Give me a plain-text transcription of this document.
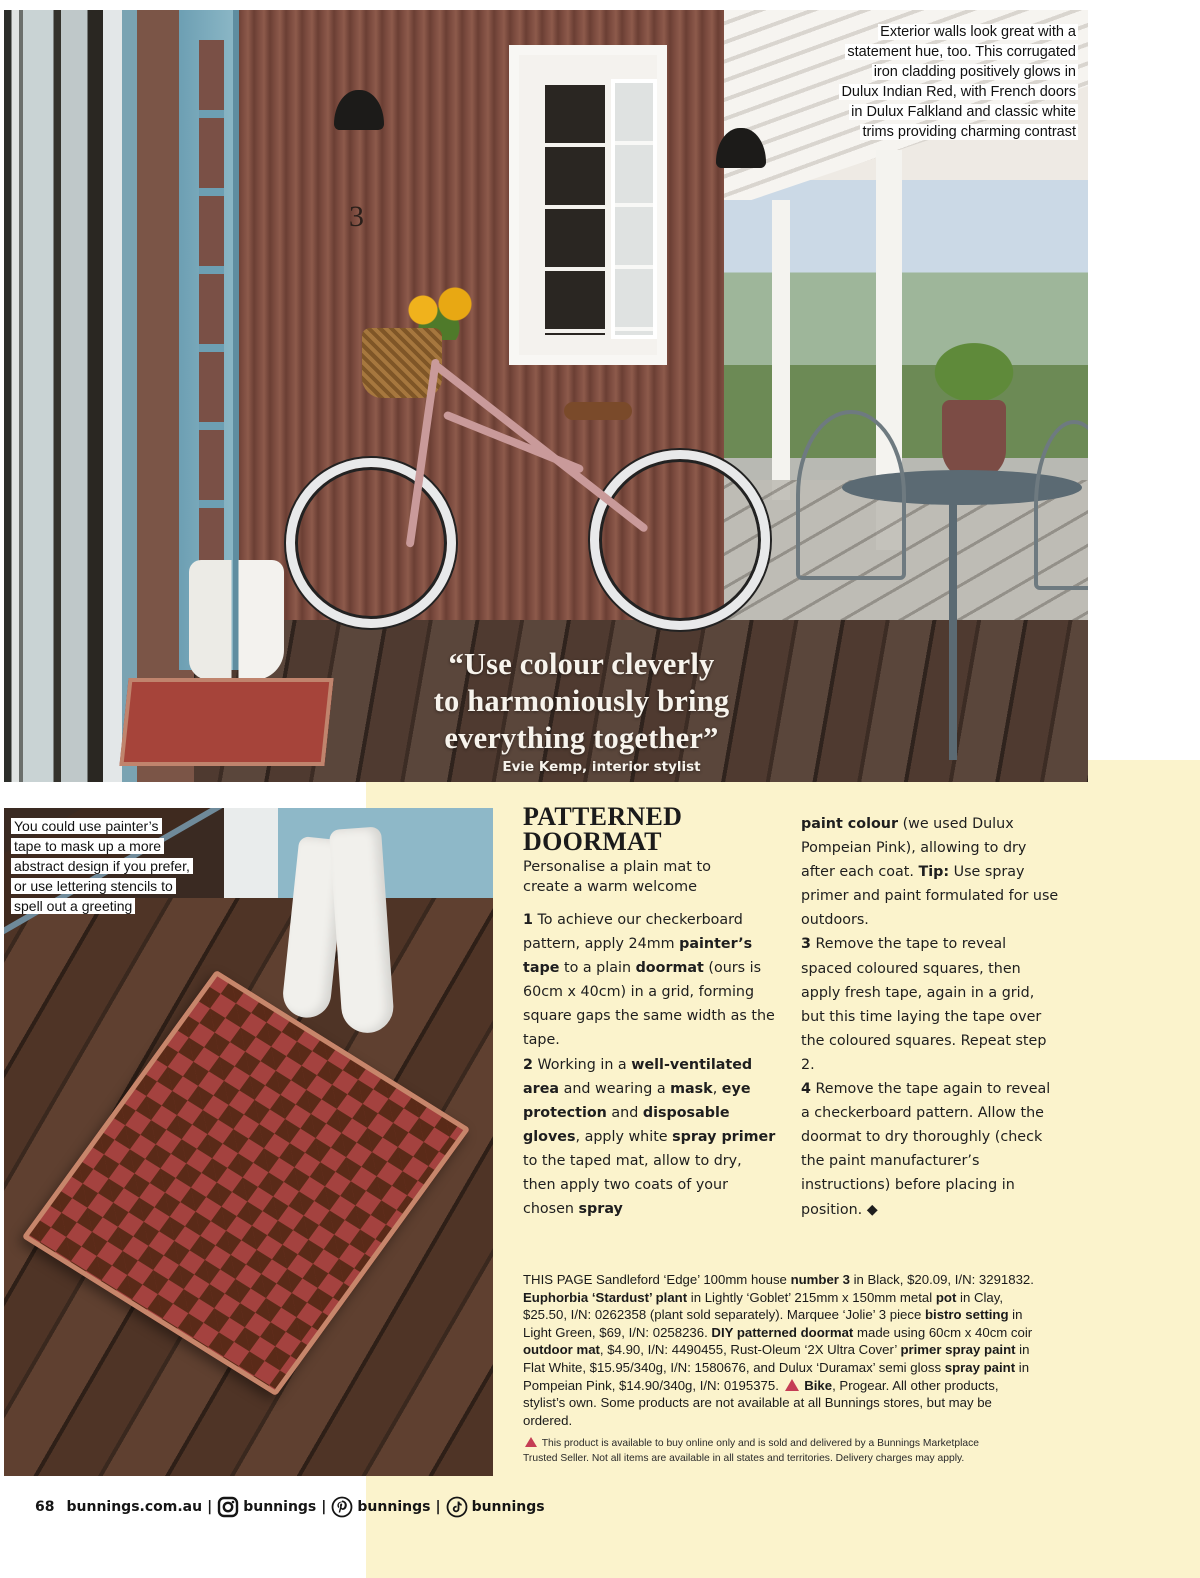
3
Exterior walls look great with a
statement hue, too. This corrugated
iron cladding positively glows in
Dulux Indian Red, with French doors
in Dulux Falkland and classic white
trims providing charming contrast
“Use colour cleverly
to harmoniously bring
everything together”
Evie Kemp, interior stylist
You could use painter’s
tape to mask up a more
abstract design if you prefer,
or use lettering stencils to
spell out a greeting
PATTERNED
DOORMAT
Personalise a plain mat to
create a warm welcome
1 To achieve our checkerboard pattern, apply 24mm painter’s tape to a plain doormat (ours is 60cm x 40cm) in a grid, forming square gaps the same width as the tape.
2 Working in a well-ventilated area and wearing a mask, eye protection and disposable gloves, apply white spray primer to the taped mat, allow to dry, then apply two coats of your chosen spray
paint colour (we used Dulux Pompeian Pink), allowing to dry after each coat. Tip: Use spray primer and paint formulated for use outdoors.
3 Remove the tape to reveal spaced coloured squares, then apply fresh tape, again in a grid, but this time laying the tape over the coloured squares. Repeat step 2.
4 Remove the tape again to reveal a checkerboard pattern. Allow the doormat to dry thoroughly (check the paint manufacturer’s instructions) before placing in position. ◆
THIS PAGE Sandleford ‘Edge’ 100mm house number 3 in Black, $20.09, I/N: 3291832. Euphorbia ‘Stardust’ plant in Lightly ‘Goblet’ 215mm x 150mm metal pot in Clay, $25.50, I/N: 0262358 (plant sold separately). Marquee ‘Jolie’ 3 piece bistro setting in Light Green, $69, I/N: 0258236. DIY patterned doormat made using 60cm x 40cm coir outdoor mat, $4.90, I/N: 4490455, Rust-Oleum ‘2X Ultra Cover’ primer spray paint in Flat White, $15.95/340g, I/N: 1580676, and Dulux ‘Duramax’ semi gloss spray paint in Pompeian Pink, $14.90/340g, I/N: 0195375.  Bike, Progear. All other products, stylist’s own. Some products are not available at all Bunnings stores, but may be ordered.
This product is available to buy online only and is sold and delivered by a Bunnings Marketplace Trusted Seller. Not all items are available in all states and territories. Delivery charges may apply.
68 bunnings.com.au | bunnings | bunnings | bunnings
